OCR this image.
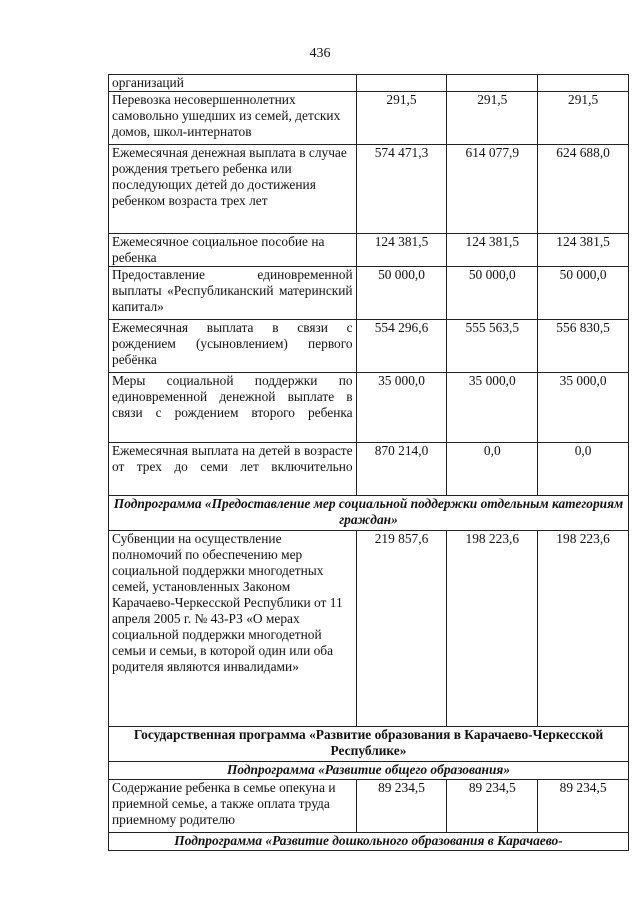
436
организаций			
Перевозка несовершеннолетних самовольно ушедших из семей, детских домов, школ-интернатов	291,5	291,5	291,5
Ежемесячная денежная выплата в случае рождения третьего ребенка или последующих детей до достижения ребенком возраста трех лет	574 471,3	614 077,9	624 688,0
Ежемесячное социальное пособие на ребенка	124 381,5	124 381,5	124 381,5
Предоставление единовременной выплаты «Республиканский материнский капитал»	50 000,0	50 000,0	50 000,0
Ежемесячная выплата в связи с рождением (усыновлением) первого ребёнка	554 296,6	555 563,5	556 830,5
Меры социальной поддержки по единовременной денежной выплате в связи с рождением второго ребенка	35 000,0	35 000,0	35 000,0
Ежемесячная выплата на детей в возрасте от трех до семи лет включительно	870 214,0	0,0	0,0
Подпрограмма «Предоставление мер социальной поддержки отдельным категориям граждан»			
Субвенции на осуществление полномочий по обеспечению мер социальной поддержки многодетных семей, установленных Законом Карачаево-Черкесской Республики от 11 апреля 2005 г. № 43-РЗ «О мерах социальной поддержки многодетной семьи и семьи, в которой один или оба родителя являются инвалидами»	219 857,6	198 223,6	198 223,6
Государственная программа «Развитие образования в Карачаево-Черкесской Республике»			
Подпрограмма «Развитие общего образования»			
Содержание ребенка в семье опекуна и приемной семье, а также оплата труда приемному родителю	89 234,5	89 234,5	89 234,5
Подпрограмма «Развитие дошкольного образования в Карачаево-			
